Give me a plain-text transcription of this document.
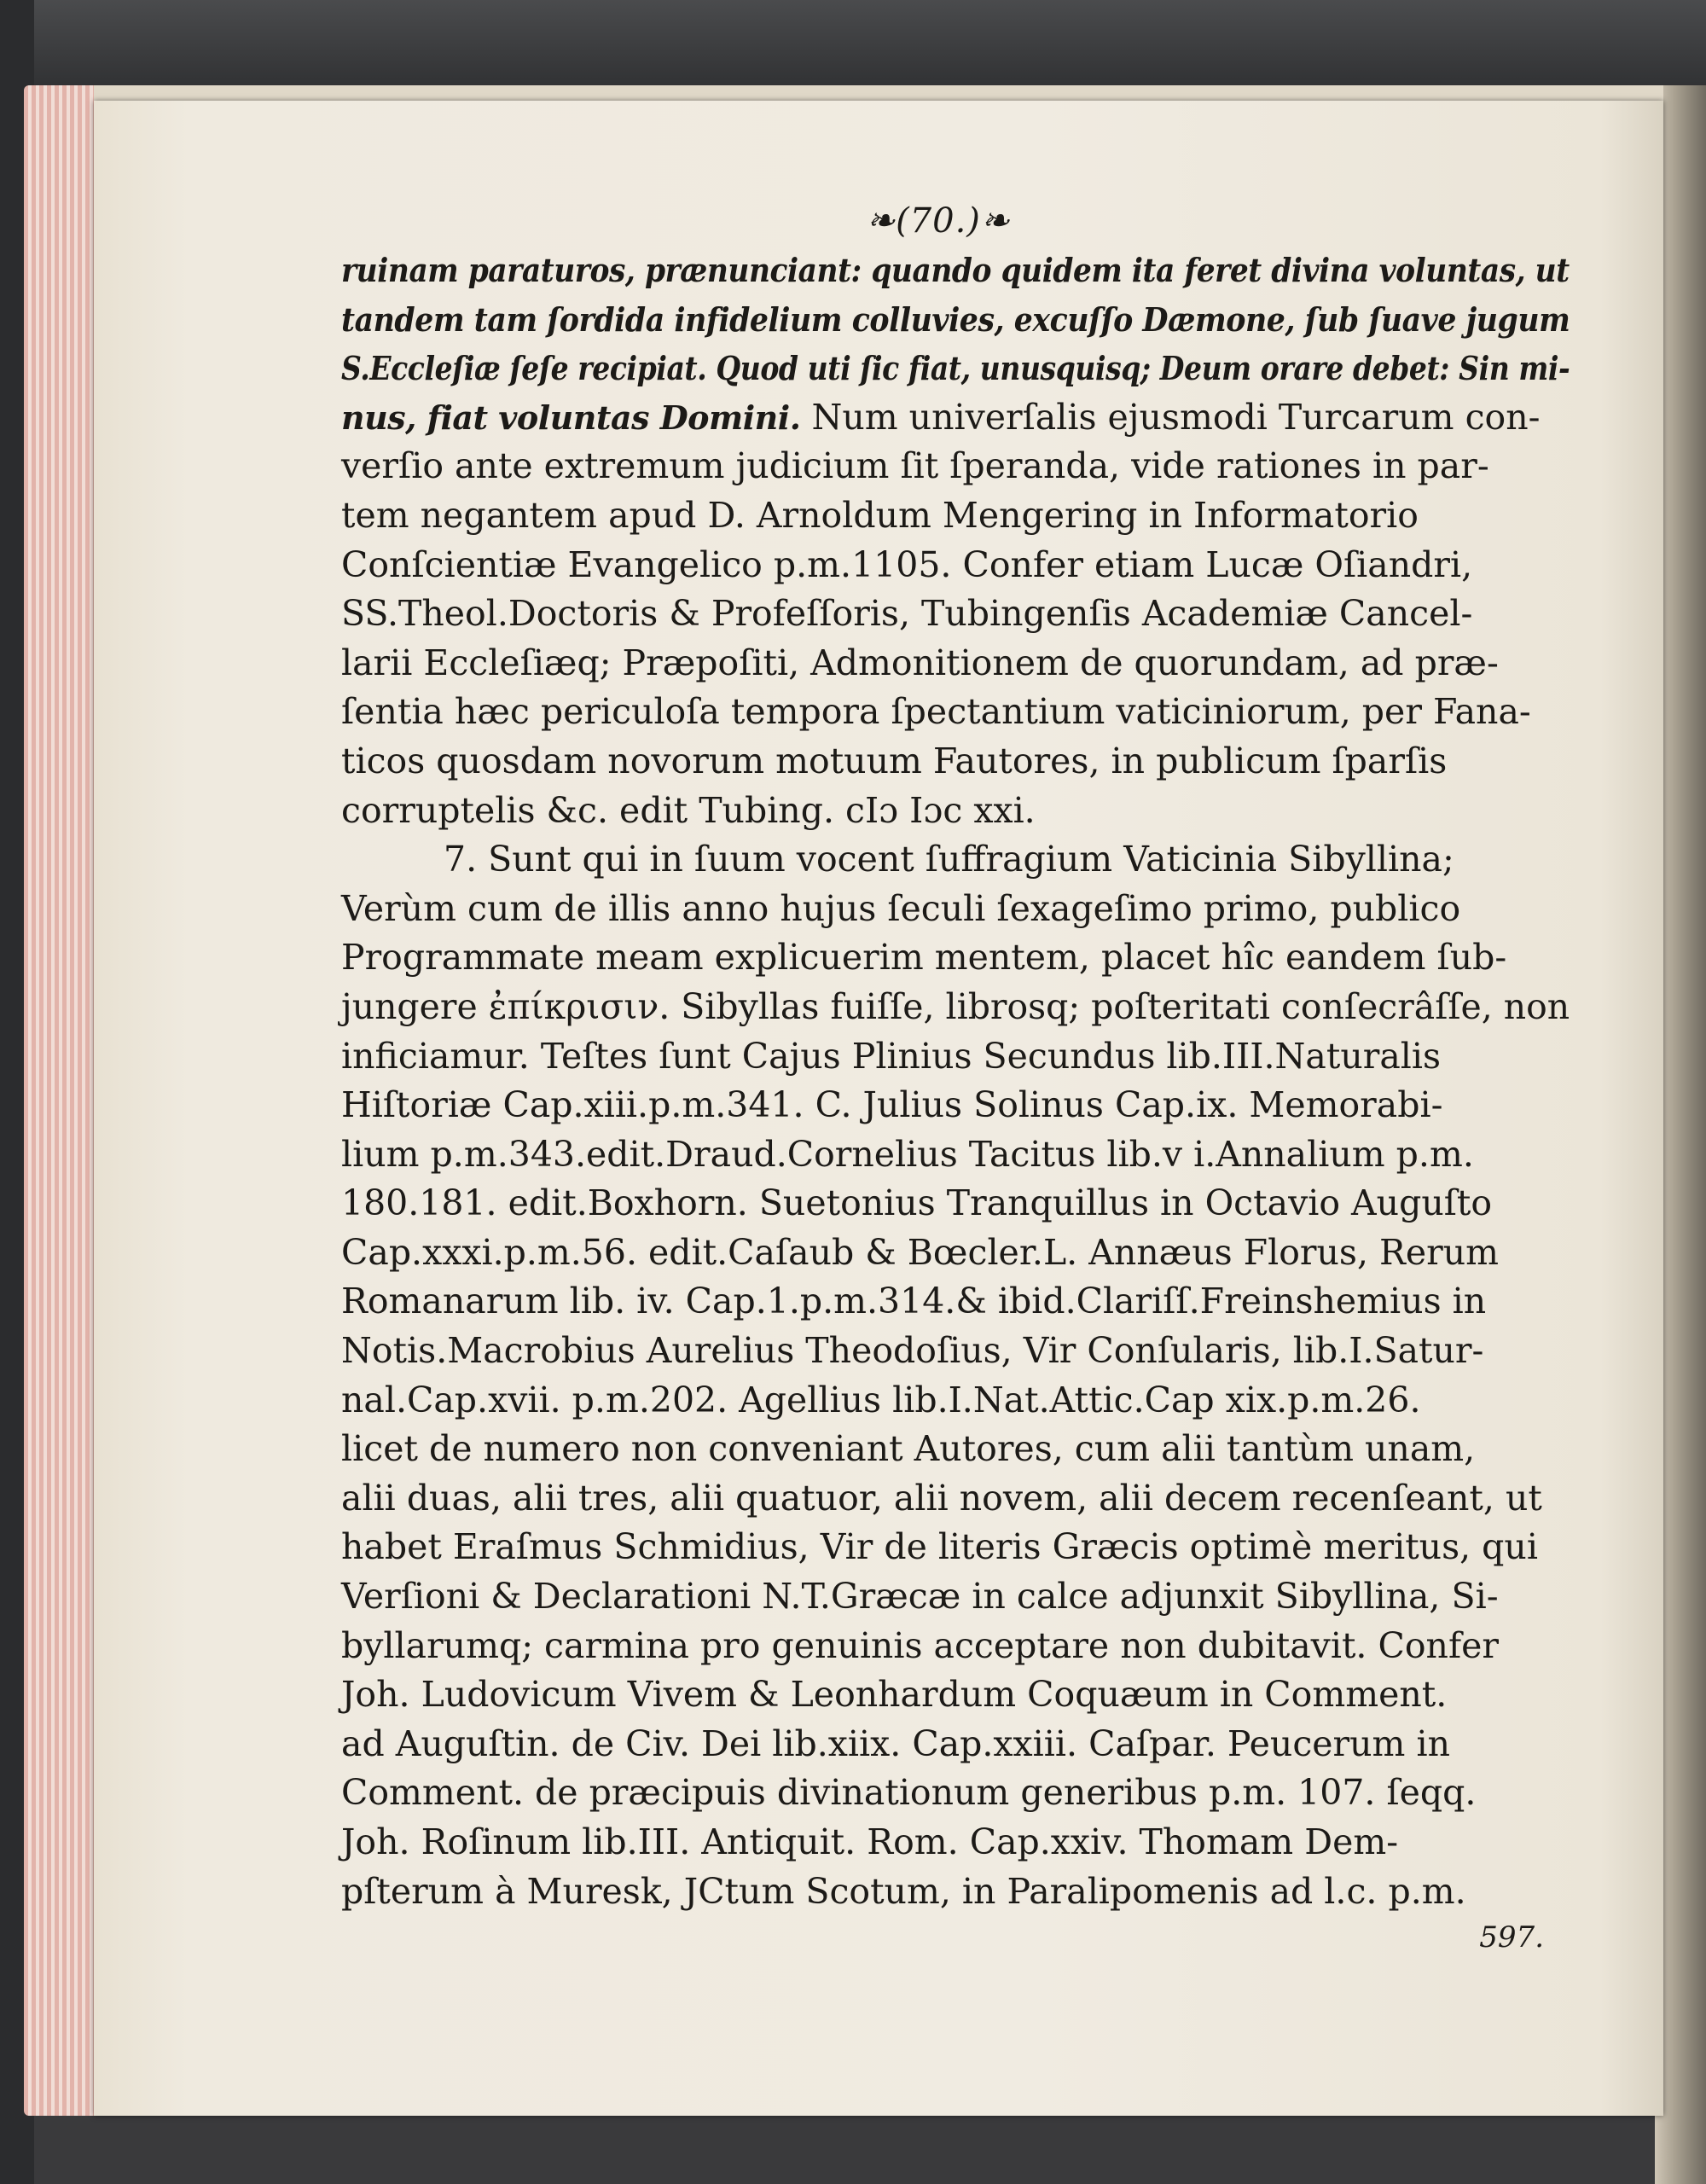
❧(70.)❧
ruinam paraturos, prænunciant: quando quidem ita feret divina voluntas, ut
tandem tam ſordida infidelium colluvies, excuſſo Dæmone, ſub ſuave jugum
S.Eccleſiæ ſeſe recipiat. Quod uti ſic fiat, unusquisq; Deum orare debet: Sin mi-
nus, fiat voluntas Domini. Num univerſalis ejusmodi Turcarum con-
verſio ante extremum judicium ſit ſperanda, vide rationes in par-
tem negantem apud D. Arnoldum Mengering in Informatorio
Conſcientiæ Evangelico p.m.1105. Confer etiam Lucæ Oſiandri,
SS.Theol.Doctoris & Profeſſoris, Tubingenſis Academiæ Cancel-
larii Eccleſiæq; Præpoſiti, Admonitionem de quorundam, ad præ-
ſentia hæc periculoſa tempora ſpectantium vaticiniorum, per Fana-
ticos quosdam novorum motuum Fautores, in publicum ſparſis
corruptelis &c. edit Tubing. cIɔ Iɔc xxi.
7. Sunt qui in ſuum vocent ſuffragium Vaticinia Sibyllina;
Verùm cum de illis anno hujus ſeculi ſexageſimo primo, publico
Programmate meam explicuerim mentem, placet hîc eandem ſub-
jungere ἐπίκρισιν. Sibyllas fuiſſe, librosq; poſteritati conſecrâſſe, non
inficiamur. Teſtes ſunt Cajus Plinius Secundus lib.III.Naturalis
Hiſtoriæ Cap.xiii.p.m.341. C. Julius Solinus Cap.ix. Memorabi-
lium p.m.343.edit.Draud.Cornelius Tacitus lib.v i.Annalium p.m.
180.181. edit.Boxhorn. Suetonius Tranquillus in Octavio Auguſto
Cap.xxxi.p.m.56. edit.Caſaub & Bœcler.L. Annæus Florus, Rerum
Romanarum lib. iv. Cap.1.p.m.314.& ibid.Clariſſ.Freinshemius in
Notis.Macrobius Aurelius Theodoſius, Vir Conſularis, lib.I.Satur-
nal.Cap.xvii. p.m.202. Agellius lib.I.Nat.Attic.Cap xix.p.m.26.
licet de numero non conveniant Autores, cum alii tantùm unam,
alii duas, alii tres, alii quatuor, alii novem, alii decem recenſeant, ut
habet Eraſmus Schmidius, Vir de literis Græcis optimè meritus, qui
Verſioni & Declarationi N.T.Græcæ in calce adjunxit Sibyllina, Si-
byllarumq; carmina pro genuinis acceptare non dubitavit. Confer
Joh. Ludovicum Vivem & Leonhardum Coquæum in Comment.
ad Auguſtin. de Civ. Dei lib.xiix. Cap.xxiii. Caſpar. Peucerum in
Comment. de præcipuis divinationum generibus p.m. 107. ſeqq.
Joh. Roſinum lib.III. Antiquit. Rom. Cap.xxiv. Thomam Dem-
pſterum à Muresk, JCtum Scotum, in Paralipomenis ad l.c. p.m.
597.
